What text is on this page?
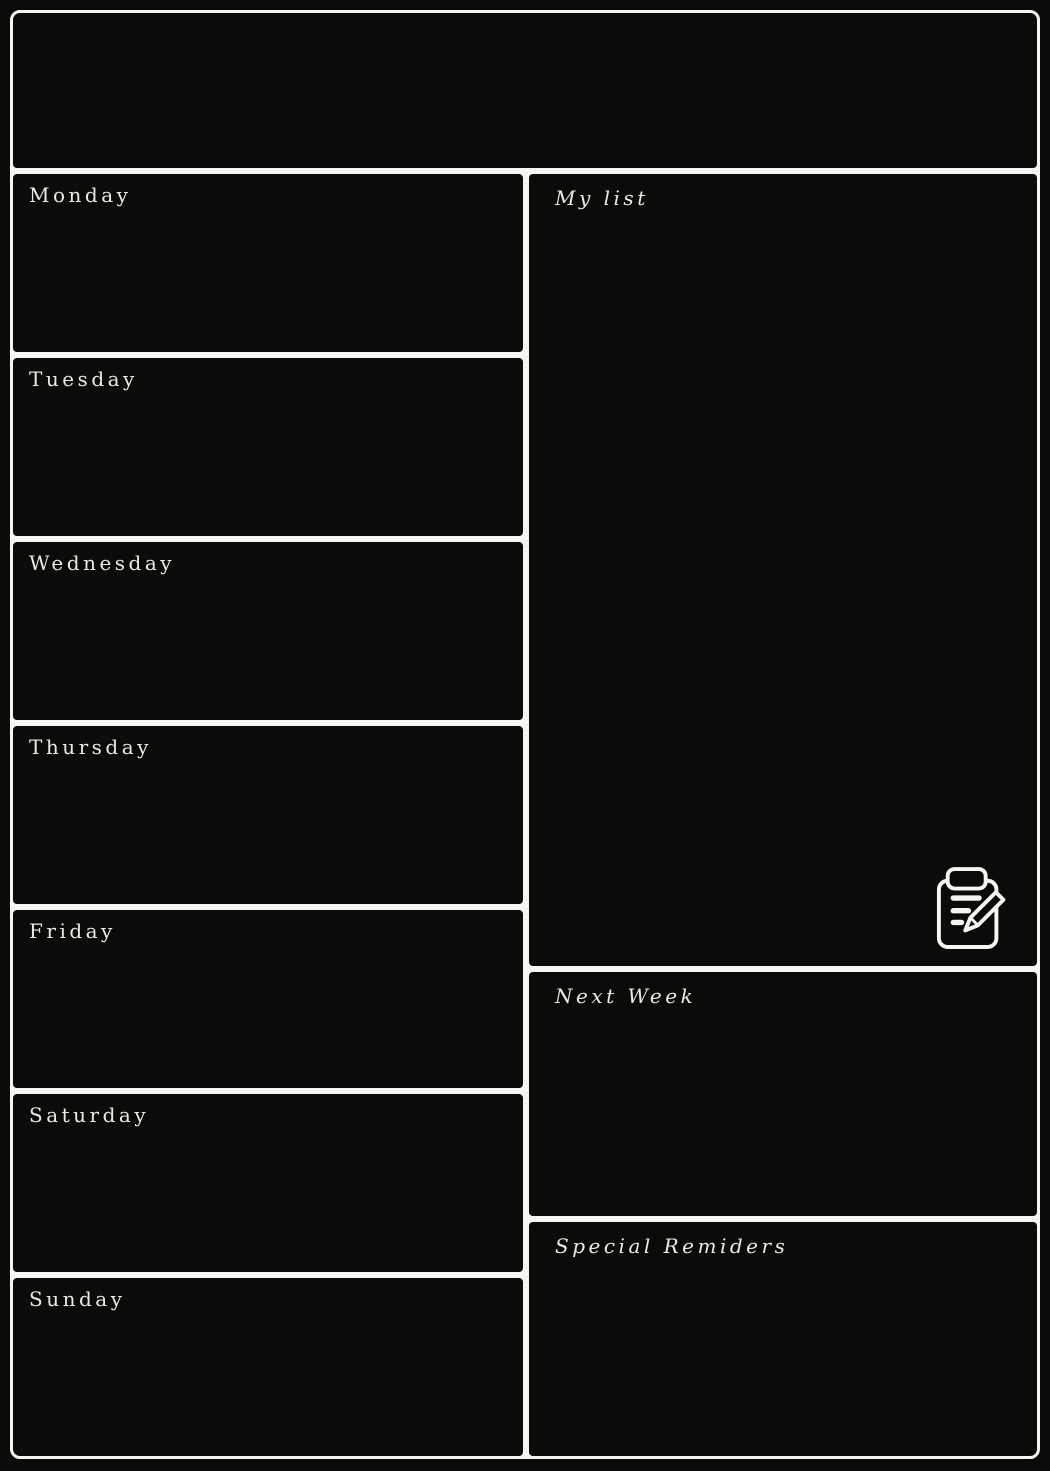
Monday
Tuesday
Wednesday
Thursday
Friday
Saturday
Sunday
My list
Next Week
Special Remiders
